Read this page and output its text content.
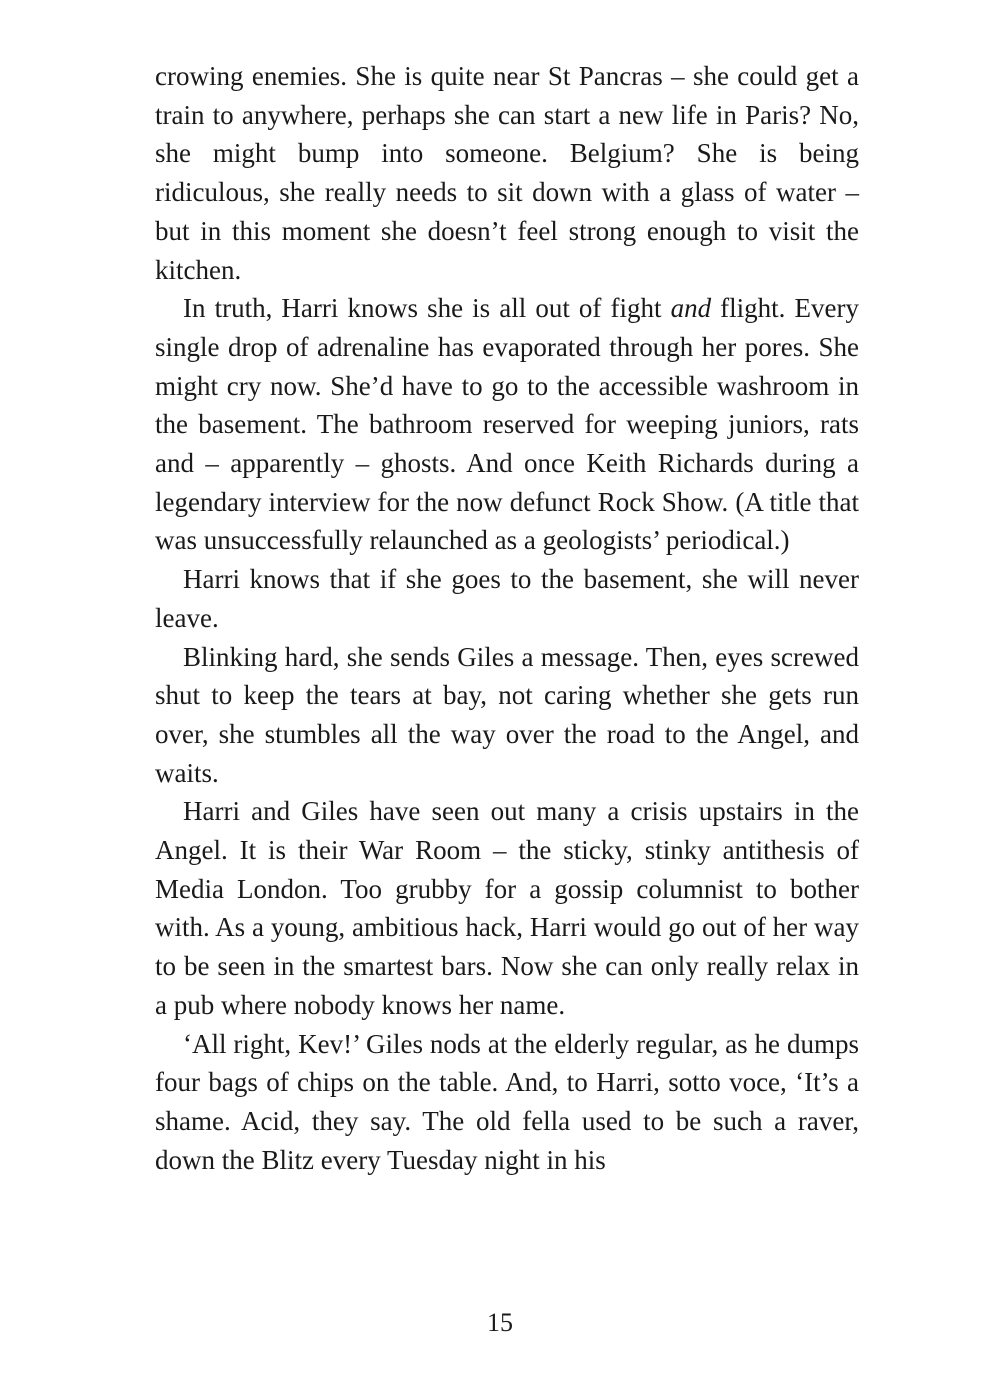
crowing enemies. She is quite near St Pancras – she could get a train to anywhere, perhaps she can start a new life in Paris? No, she might bump into someone. Belgium? She is being ridiculous, she really needs to sit down with a glass of water – but in this moment she doesn’t feel strong enough to visit the kitchen.

In truth, Harri knows she is all out of fight and flight. Every single drop of adrenaline has evaporated through her pores. She might cry now. She’d have to go to the accessible washroom in the basement. The bathroom reserved for weeping juniors, rats and – apparently – ghosts. And once Keith Richards during a legendary interview for the now defunct Rock Show. (A title that was unsuccessfully relaunched as a geologists’ periodical.)

Harri knows that if she goes to the basement, she will never leave.

Blinking hard, she sends Giles a message. Then, eyes screwed shut to keep the tears at bay, not caring whether she gets run over, she stumbles all the way over the road to the Angel, and waits.

Harri and Giles have seen out many a crisis upstairs in the Angel. It is their War Room – the sticky, stinky antithesis of Media London. Too grubby for a gossip columnist to bother with. As a young, ambitious hack, Harri would go out of her way to be seen in the smartest bars. Now she can only really relax in a pub where nobody knows her name.

‘All right, Kev!’ Giles nods at the elderly regular, as he dumps four bags of chips on the table. And, to Harri, sotto voce, ‘It’s a shame. Acid, they say. The old fella used to be such a raver, down the Blitz every Tuesday night in his

15
